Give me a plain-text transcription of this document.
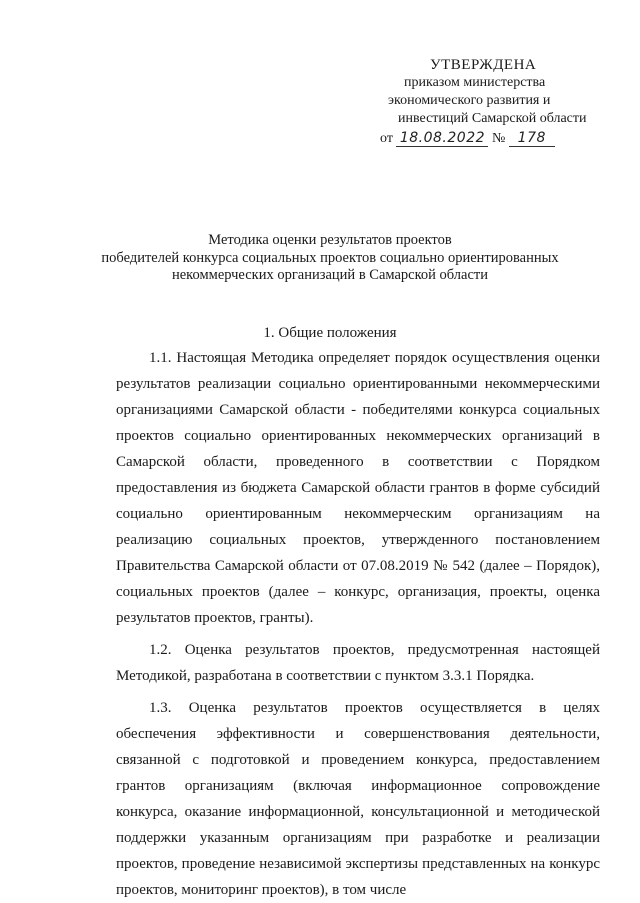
УТВЕРЖДЕНА
приказом министерства
экономического развития и
инвестиций Самарской области
от 18.08.2022 № 178
Методика оценки результатов проектов
победителей конкурса социальных проектов социально ориентированных
некоммерческих организаций в Самарской области
1. Общие положения

1.1. Настоящая Методика определяет порядок осуществления оценки результатов реализации социально ориентированными некоммерческими организациями Самарской области - победителями конкурса социальных проектов социально ориентированных некоммерческих организаций в Самарской области, проведенного в соответствии с Порядком предоставления из бюджета Самарской области грантов в форме субсидий социально ориентированным некоммерческим организациям на реализацию социальных проектов, утвержденного постановлением Правительства Самарской области от 07.08.2019 № 542 (далее – Порядок), социальных проектов (далее – конкурс, организация, проекты, оценка результатов проектов, гранты).

1.2. Оценка результатов проектов, предусмотренная настоящей Методикой, разработана в соответствии с пунктом 3.3.1 Порядка.

1.3. Оценка результатов проектов осуществляется в целях обеспечения эффективности и совершенствования деятельности, связанной с подготовкой и проведением конкурса, предоставлением грантов организациям (включая информационное сопровождение конкурса, оказание информационной, консультационной и методической поддержки указанным организациям при разработке и реализации проектов, проведение независимой экспертизы представленных на конкурс проектов, мониторинг проектов), в том числе
